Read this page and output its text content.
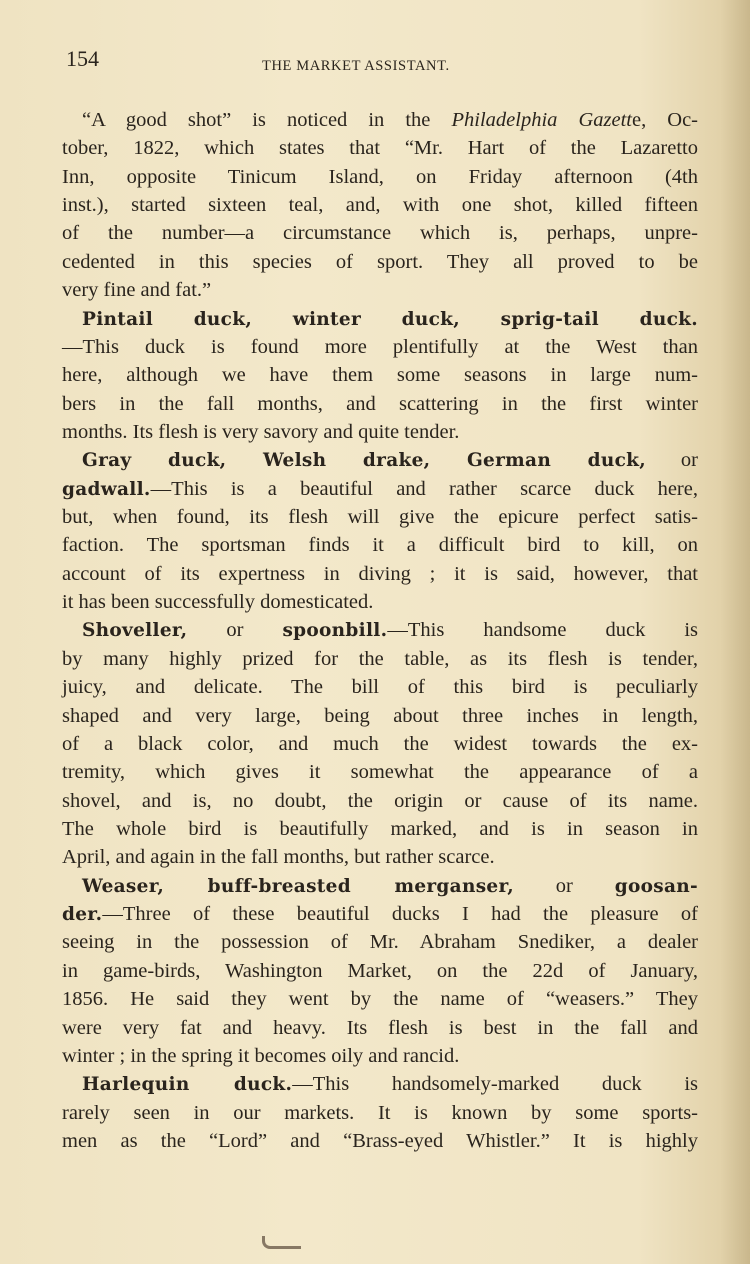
154	THE MARKET ASSISTANT.
“A good shot” is noticed in the Philadelphia Gazette, Oc-
tober, 1822, which states that “Mr. Hart of the Lazaretto
Inn, opposite Tinicum Island, on Friday afternoon (4th
inst.), started sixteen teal, and, with one shot, killed fifteen
of the number—a circumstance which is, perhaps, unpre-
cedented in this species of sport. They all proved to be
very fine and fat.”
Pintail duck, winter duck, sprig-tail duck.
—This duck is found more plentifully at the West than
here, although we have them some seasons in large num-
bers in the fall months, and scattering in the first winter
months. Its flesh is very savory and quite tender.
Gray duck, Welsh drake, German duck, or
gadwall.—This is a beautiful and rather scarce duck here,
but, when found, its flesh will give the epicure perfect satis-
faction. The sportsman finds it a difficult bird to kill, on
account of its expertness in diving ; it is said, however, that
it has been successfully domesticated.
Shoveller, or spoonbill.—This handsome duck is
by many highly prized for the table, as its flesh is tender,
juicy, and delicate. The bill of this bird is peculiarly
shaped and very large, being about three inches in length,
of a black color, and much the widest towards the ex-
tremity, which gives it somewhat the appearance of a
shovel, and is, no doubt, the origin or cause of its name.
The whole bird is beautifully marked, and is in season in
April, and again in the fall months, but rather scarce.
Weaser, buff-breasted merganser, or goosan-
der.—Three of these beautiful ducks I had the pleasure of
seeing in the possession of Mr. Abraham Snediker, a dealer
in game-birds, Washington Market, on the 22d of January,
1856. He said they went by the name of “weasers.” They
were very fat and heavy. Its flesh is best in the fall and
winter ; in the spring it becomes oily and rancid.
Harlequin duck.—This handsomely-marked duck is
rarely seen in our markets. It is known by some sports-
men as the “Lord” and “Brass-eyed Whistler.” It is highly
